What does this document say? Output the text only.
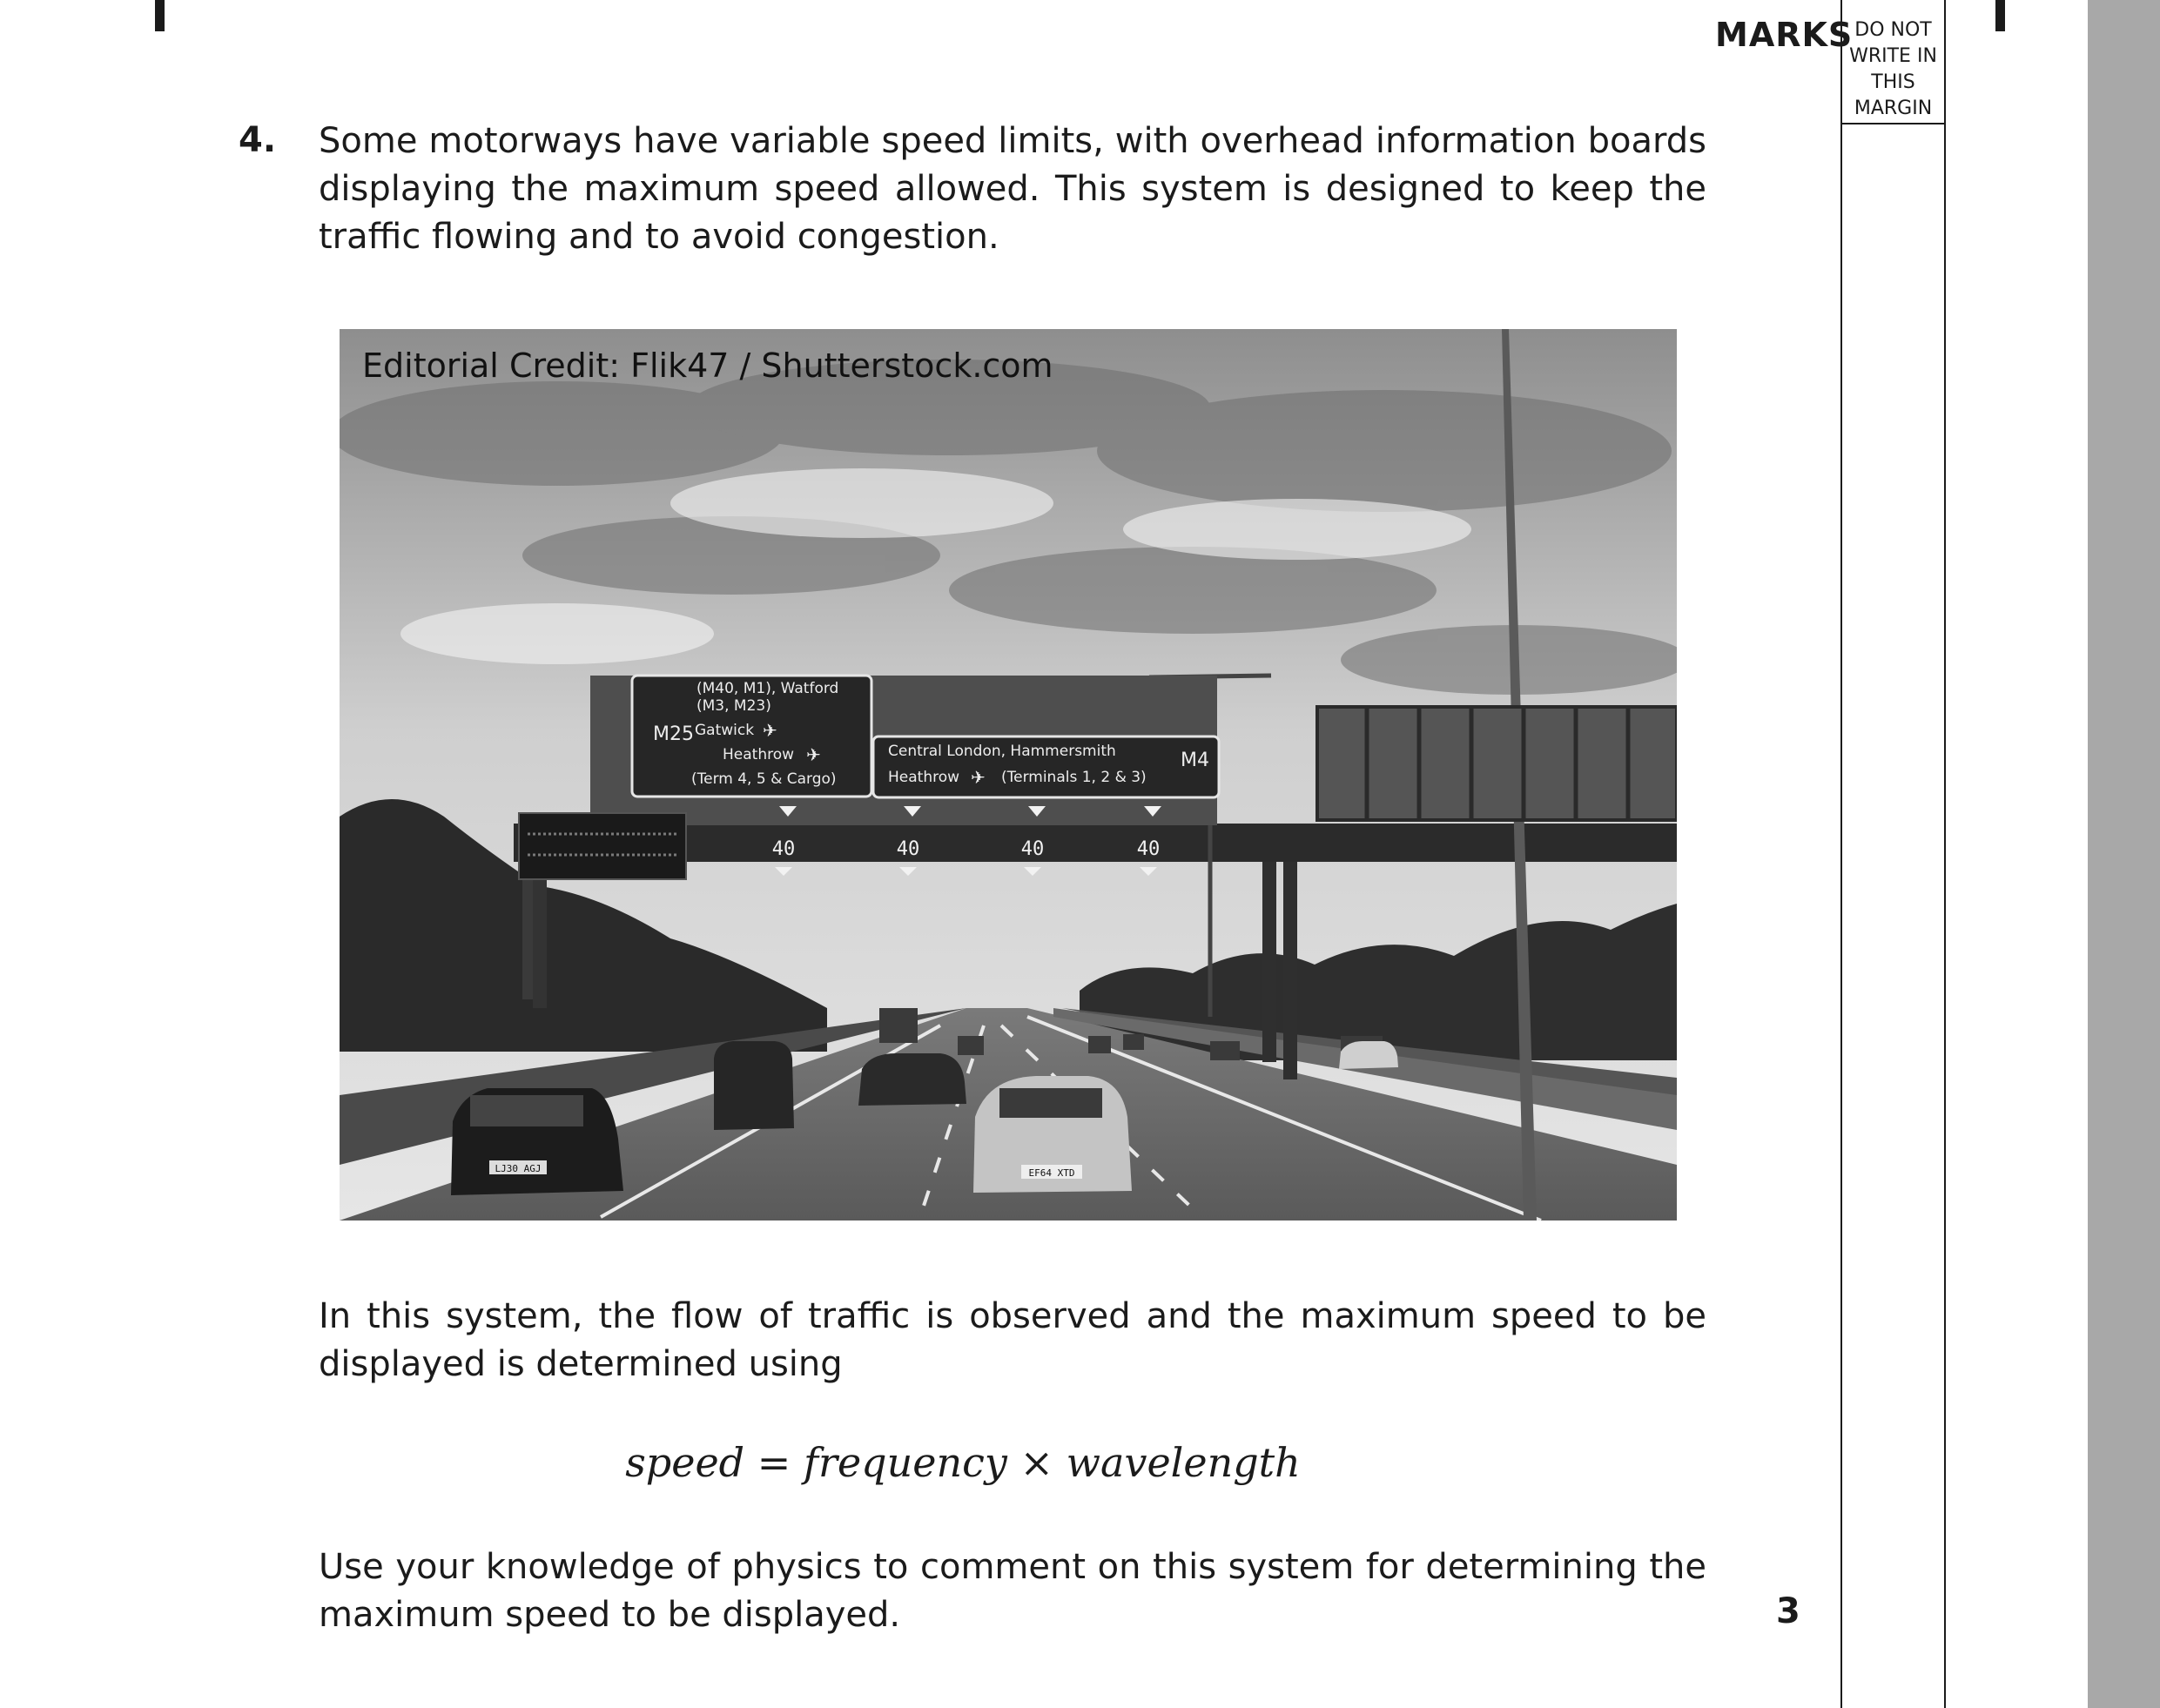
MARKS DO NOT
WRITE IN
THIS
MARGIN
4. Some motorways have variable speed limits, with overhead information boards displaying the maximum speed allowed. This system is designed to keep the traffic flowing and to avoid congestion.
M25
(M40, M1), Watford
(M3, M23)
Gatwick
Heathrow
(Term 4, 5 & Cargo)
✈
✈	Central London, Hammersmith
Heathrow	(Terminals 1, 2 & 3)
M4
✈
40	40	40	40
LJ30 AGJ	EF64 XTD
Editorial Credit: Flik47 / Shutterstock.com
In this system, the flow of traffic is observed and the maximum speed to be displayed is determined using
speed = frequency × wavelength
Use your knowledge of physics to comment on this system for determining the maximum speed to be displayed.	3
